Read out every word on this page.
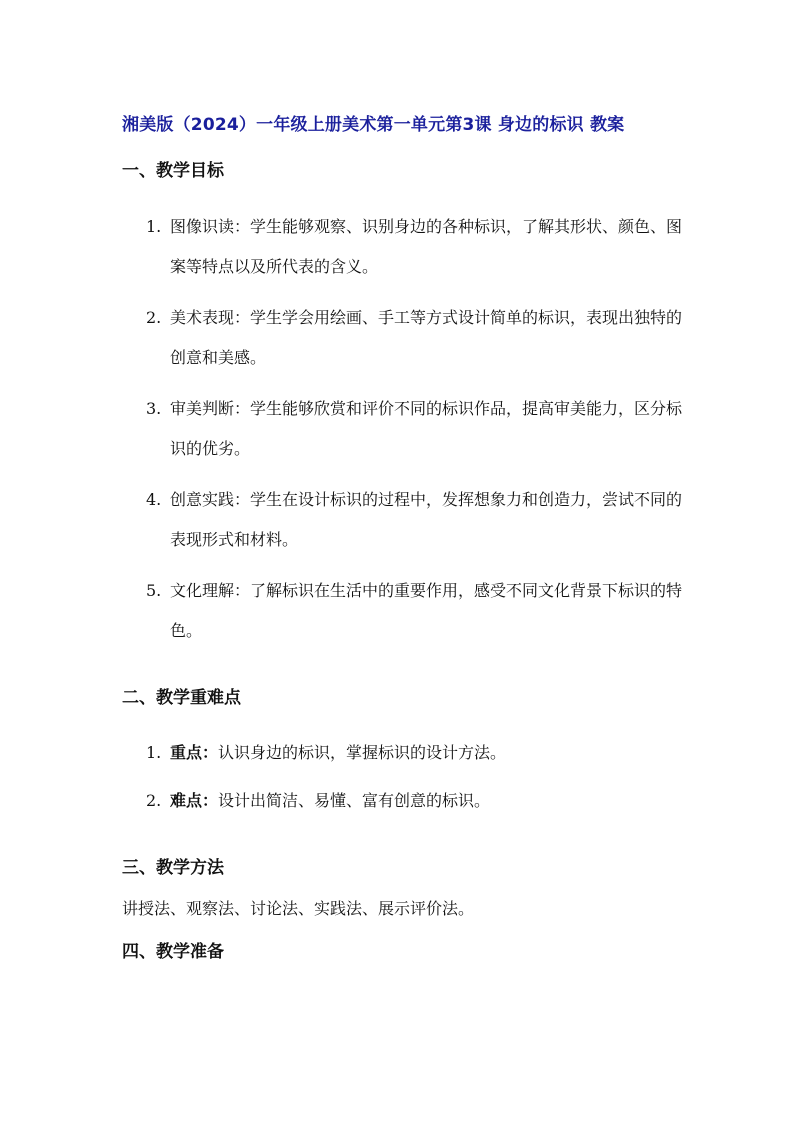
湘美版（2024）一年级上册美术第一单元第3课 身边的标识 教案
一、教学目标
1. 图像识读：学生能够观察、识别身边的各种标识，了解其形状、颜色、图案等特点以及所代表的含义。
2. 美术表现：学生学会用绘画、手工等方式设计简单的标识，表现出独特的创意和美感。
3. 审美判断：学生能够欣赏和评价不同的标识作品，提高审美能力，区分标识的优劣。
4. 创意实践：学生在设计标识的过程中，发挥想象力和创造力，尝试不同的表现形式和材料。
5. 文化理解：了解标识在生活中的重要作用，感受不同文化背景下标识的特色。
二、教学重难点
1. 重点：认识身边的标识，掌握标识的设计方法。
2. 难点：设计出简洁、易懂、富有创意的标识。
三、教学方法
讲授法、观察法、讨论法、实践法、展示评价法。
四、教学准备
